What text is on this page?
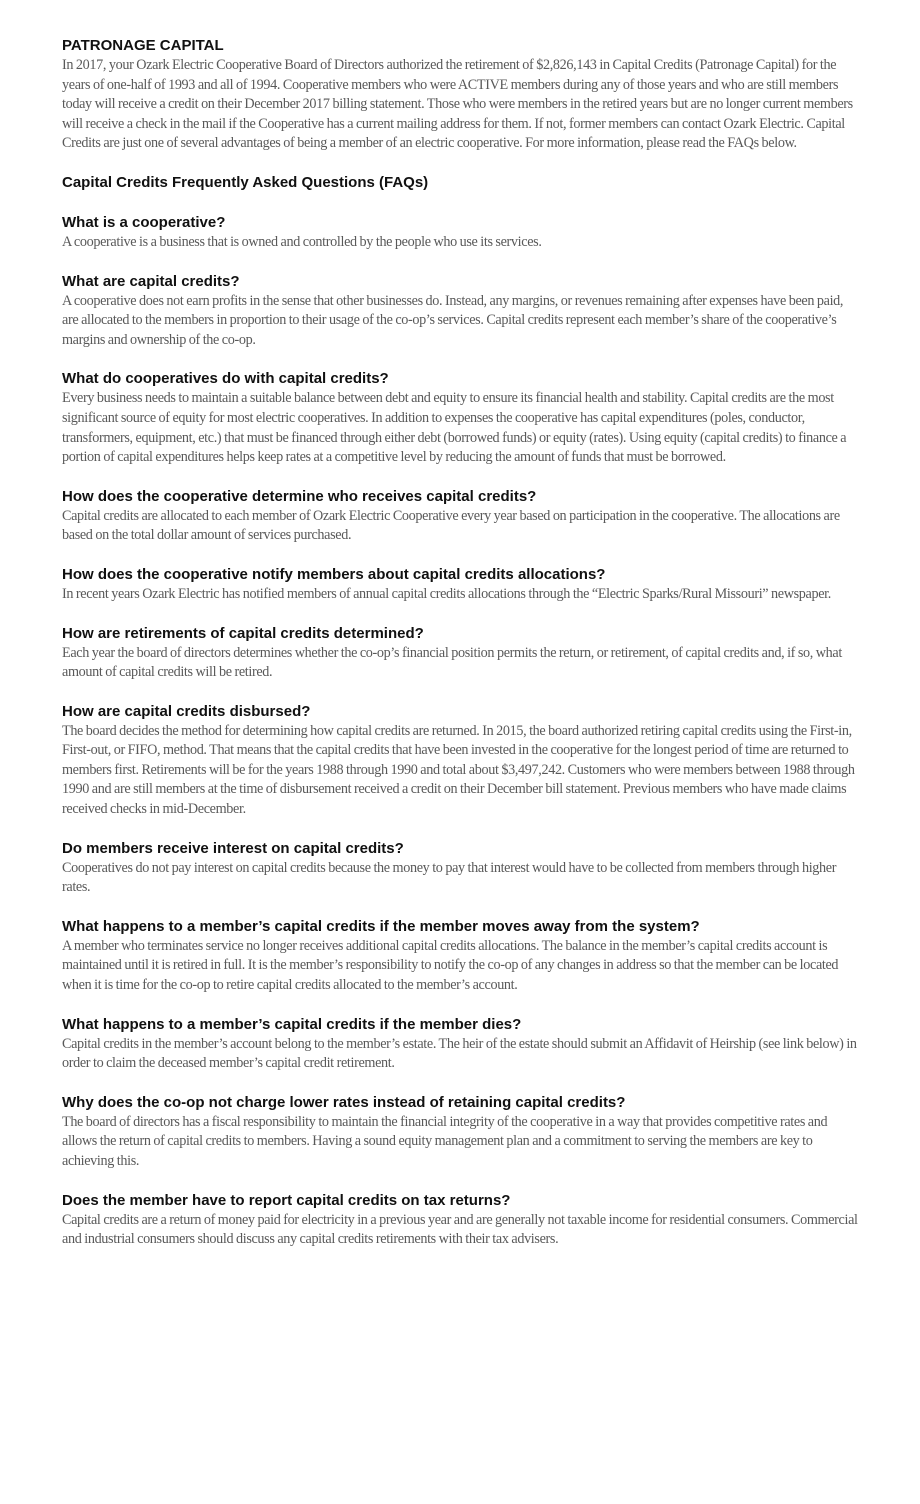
PATRONAGE CAPITAL

In 2017, your Ozark Electric Cooperative Board of Directors authorized the retirement of $2,826,143 in Capital Credits (Patronage Capital) for the years of one-half of 1993 and all of 1994. Cooperative members who were ACTIVE members during any of those years and who are still members today will receive a credit on their December 2017 billing statement. Those who were members in the retired years but are no longer current members will receive a check in the mail if the Cooperative has a current mailing address for them. If not, former members can contact Ozark Electric. Capital Credits are just one of several advantages of being a member of an electric cooperative. For more information, please read the FAQs below.

Capital Credits Frequently Asked Questions (FAQs)
What is a cooperative?

A cooperative is a business that is owned and controlled by the people who use its services.

What are capital credits?

A cooperative does not earn profits in the sense that other businesses do. Instead, any margins, or revenues remaining after expenses have been paid, are allocated to the members in proportion to their usage of the co-op’s services. Capital credits represent each member’s share of the cooperative’s margins and ownership of the co-op.

What do cooperatives do with capital credits?

Every business needs to maintain a suitable balance between debt and equity to ensure its financial health and stability. Capital credits are the most significant source of equity for most electric cooperatives. In addition to expenses the cooperative has capital expenditures (poles, conductor, transformers, equipment, etc.) that must be financed through either debt (borrowed funds) or equity (rates). Using equity (capital credits) to finance a portion of capital expenditures helps keep rates at a competitive level by reducing the amount of funds that must be borrowed.

How does the cooperative determine who receives capital credits?

Capital credits are allocated to each member of Ozark Electric Cooperative every year based on participation in the cooperative. The allocations are based on the total dollar amount of services purchased.

How does the cooperative notify members about capital credits allocations?

In recent years Ozark Electric has notified members of annual capital credits allocations through the “Electric Sparks/Rural Missouri” newspaper.

How are retirements of capital credits determined?

Each year the board of directors determines whether the co-op’s financial position permits the return, or retirement, of capital credits and, if so, what amount of capital credits will be retired.

How are capital credits disbursed?

The board decides the method for determining how capital credits are returned. In 2015, the board authorized retiring capital credits using the First-in, First-out, or FIFO, method. That means that the capital credits that have been invested in the cooperative for the longest period of time are returned to members first. Retirements will be for the years 1988 through 1990 and total about $3,497,242. Customers who were members between 1988 through 1990 and are still members at the time of disbursement received a credit on their December bill statement. Previous members who have made claims received checks in mid-December.

Do members receive interest on capital credits?

Cooperatives do not pay interest on capital credits because the money to pay that interest would have to be collected from members through higher rates.

What happens to a member’s capital credits if the member moves away from the system?

A member who terminates service no longer receives additional capital credits allocations. The balance in the member’s capital credits account is maintained until it is retired in full. It is the member’s responsibility to notify the co-op of any changes in address so that the member can be located when it is time for the co-op to retire capital credits allocated to the member’s account.

What happens to a member’s capital credits if the member dies?

Capital credits in the member’s account belong to the member’s estate. The heir of the estate should submit an Affidavit of Heirship (see link below) in order to claim the deceased member’s capital credit retirement.

Why does the co-op not charge lower rates instead of retaining capital credits?

The board of directors has a fiscal responsibility to maintain the financial integrity of the cooperative in a way that provides competitive rates and allows the return of capital credits to members. Having a sound equity management plan and a commitment to serving the members are key to achieving this.

Does the member have to report capital credits on tax returns?

Capital credits are a return of money paid for electricity in a previous year and are generally not taxable income for residential consumers. Commercial and industrial consumers should discuss any capital credits retirements with their tax advisers.
